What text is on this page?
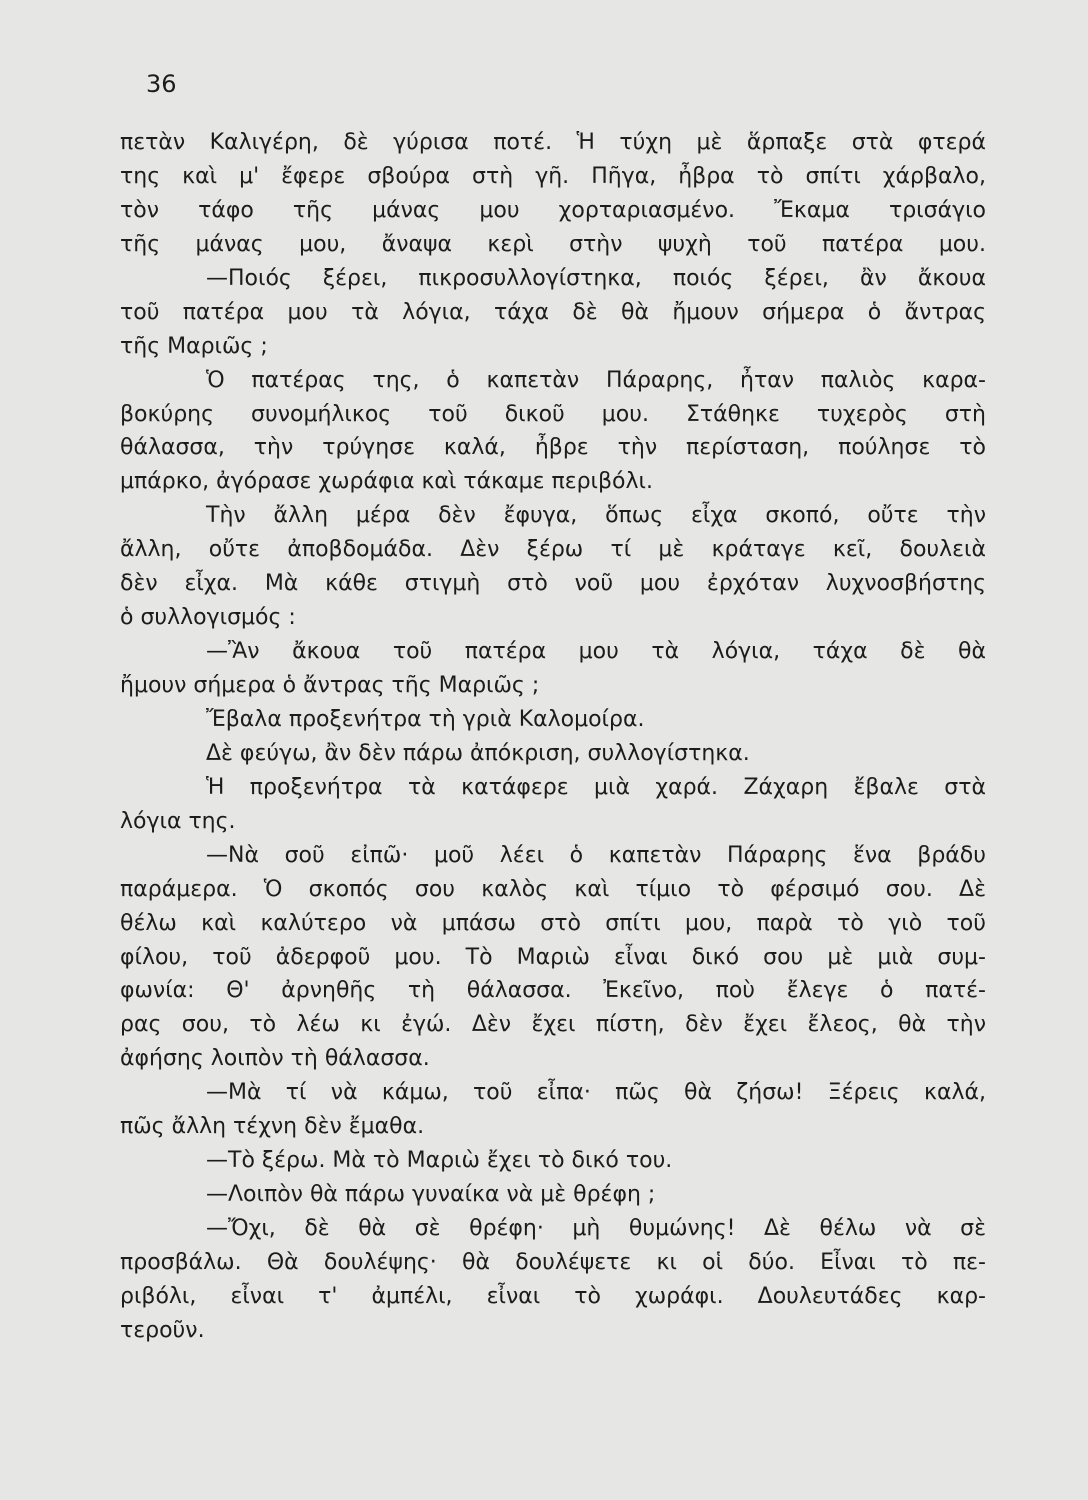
36
πετὰν Καλιγέρη, δὲ γύρισα ποτέ. Ἡ τύχη μὲ ἅρπαξε στὰ φτερά
της καὶ μ' ἔφερε σβούρα στὴ γῆ. Πῆγα, ἦβρα τὸ σπίτι χάρβαλο,
τὸν τάφο τῆς μάνας μου χορταριασμένο. Ἔκαμα τρισάγιο
τῆς μάνας μου, ἄναψα κερὶ στὴν ψυχὴ τοῦ πατέρα μου.
—Ποιός ξέρει, πικροσυλλογίστηκα, ποιός ξέρει, ἂν ἄκουα
τοῦ πατέρα μου τὰ λόγια, τάχα δὲ θὰ ἤμουν σήμερα ὁ ἄντρας
τῆς Μαριῶς ;
Ὁ πατέρας της, ὁ καπετὰν Πάραρης, ἦταν παλιὸς καρα-
βοκύρης συνομήλικος τοῦ δικοῦ μου. Στάθηκε τυχερὸς στὴ
θάλασσα, τὴν τρύγησε καλά, ἦβρε τὴν περίσταση, πούλησε τὸ
μπάρκο, ἀγόρασε χωράφια καὶ τάκαμε περιβόλι.
Τὴν ἄλλη μέρα δὲν ἔφυγα, ὅπως εἶχα σκοπό, οὔτε τὴν
ἄλλη, οὔτε ἀποβδομάδα. Δὲν ξέρω τί μὲ κράταγε κεῖ, δουλειὰ
δὲν εἶχα. Μὰ κάθε στιγμὴ στὸ νοῦ μου ἐρχόταν λυχνοσβήστης
ὁ συλλογισμός :
—Ἂν ἄκουα τοῦ πατέρα μου τὰ λόγια, τάχα δὲ θὰ
ἤμουν σήμερα ὁ ἄντρας τῆς Μαριῶς ;
Ἔβαλα προξενήτρα τὴ γριὰ Καλομοίρα.
Δὲ φεύγω, ἂν δὲν πάρω ἀπόκριση, συλλογίστηκα.
Ἡ προξενήτρα τὰ κατάφερε μιὰ χαρά. Ζάχαρη ἔβαλε στὰ
λόγια της.
—Νὰ σοῦ εἰπῶ· μοῦ λέει ὁ καπετὰν Πάραρης ἕνα βράδυ
παράμερα. Ὁ σκοπός σου καλὸς καὶ τίμιο τὸ φέρσιμό σου. Δὲ
θέλω καὶ καλύτερο νὰ μπάσω στὸ σπίτι μου, παρὰ τὸ γιὸ τοῦ
φίλου, τοῦ ἀδερφοῦ μου. Τὸ Μαριὼ εἶναι δικό σου μὲ μιὰ συμ-
φωνία: Θ' ἀρνηθῆς τὴ θάλασσα. Ἐκεῖνο, ποὺ ἔλεγε ὁ πατέ-
ρας σου, τὸ λέω κι ἐγώ. Δὲν ἔχει πίστη, δὲν ἔχει ἔλεος, θὰ τὴν
ἀφήσης λοιπὸν τὴ θάλασσα.
—Μὰ τί νὰ κάμω, τοῦ εἶπα· πῶς θὰ ζήσω! Ξέρεις καλά,
πῶς ἄλλη τέχνη δὲν ἔμαθα.
—Τὸ ξέρω. Μὰ τὸ Μαριὼ ἔχει τὸ δικό του.
—Λοιπὸν θὰ πάρω γυναίκα νὰ μὲ θρέφη ;
—Ὄχι, δὲ θὰ σὲ θρέφη· μὴ θυμώνης! Δὲ θέλω νὰ σὲ
προσβάλω. Θὰ δουλέψης· θὰ δουλέψετε κι οἱ δύο. Εἶναι τὸ πε-
ριβόλι, εἶναι τ' ἀμπέλι, εἶναι τὸ χωράφι. Δουλευτάδες καρ-
τεροῦν.
